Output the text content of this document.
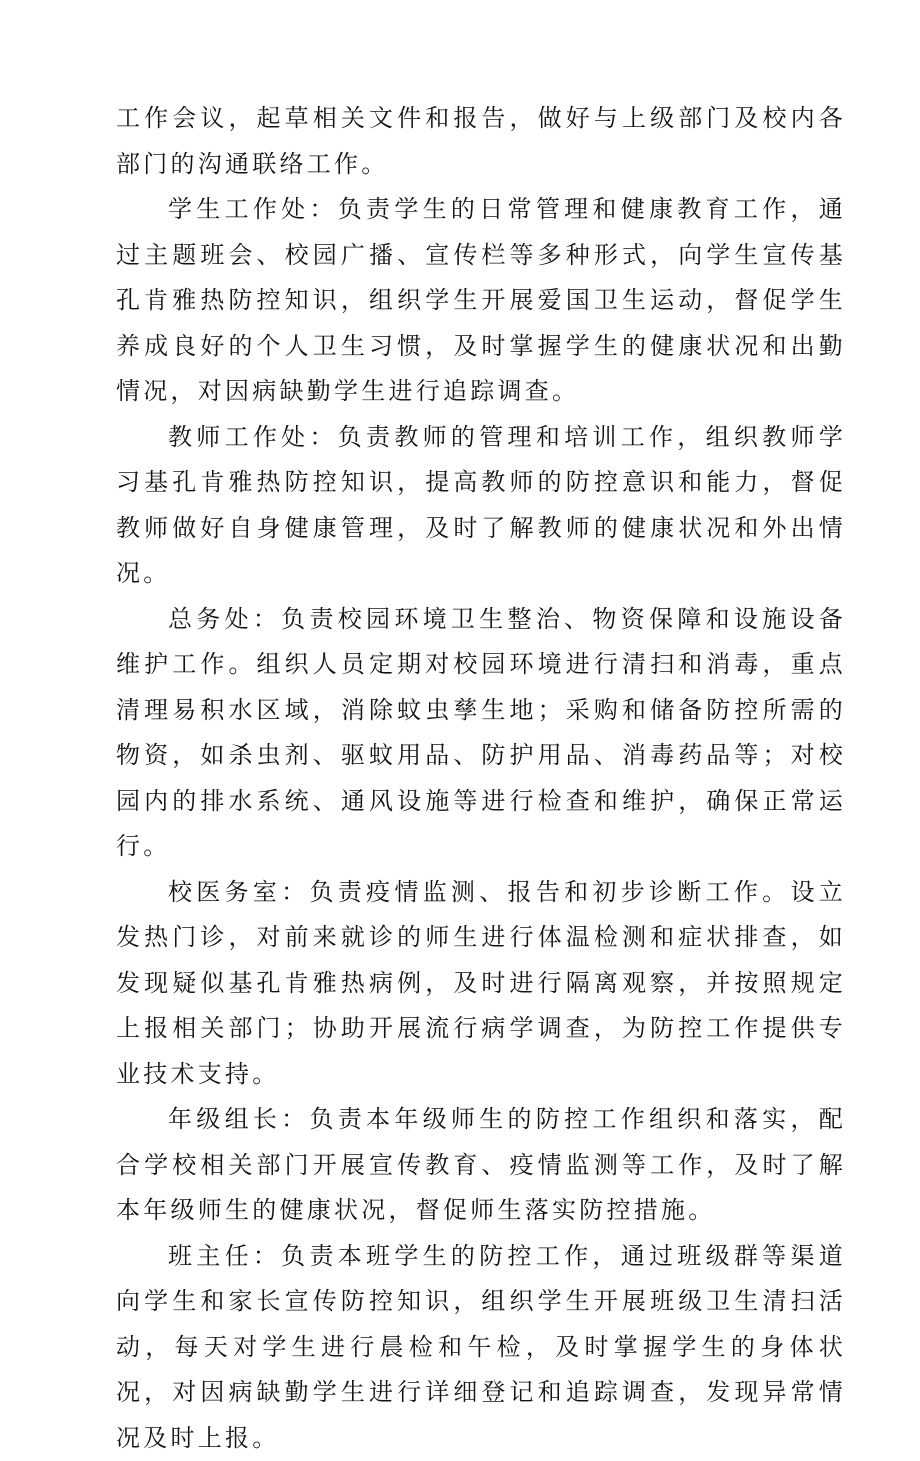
工作会议，起草相关文件和报告，做好与上级部门及校内各部门的沟通联络工作。

学生工作处：负责学生的日常管理和健康教育工作，通过主题班会、校园广播、宣传栏等多种形式，向学生宣传基孔肯雅热防控知识，组织学生开展爱国卫生运动，督促学生养成良好的个人卫生习惯，及时掌握学生的健康状况和出勤情况，对因病缺勤学生进行追踪调查。

教师工作处：负责教师的管理和培训工作，组织教师学习基孔肯雅热防控知识，提高教师的防控意识和能力，督促教师做好自身健康管理，及时了解教师的健康状况和外出情况。

总务处：负责校园环境卫生整治、物资保障和设施设备维护工作。组织人员定期对校园环境进行清扫和消毒，重点清理易积水区域，消除蚊虫孳生地；采购和储备防控所需的物资，如杀虫剂、驱蚊用品、防护用品、消毒药品等；对校园内的排水系统、通风设施等进行检查和维护，确保正常运行。

校医务室：负责疫情监测、报告和初步诊断工作。设立发热门诊，对前来就诊的师生进行体温检测和症状排查，如发现疑似基孔肯雅热病例，及时进行隔离观察，并按照规定上报相关部门；协助开展流行病学调查，为防控工作提供专业技术支持。

年级组长：负责本年级师生的防控工作组织和落实，配合学校相关部门开展宣传教育、疫情监测等工作，及时了解本年级师生的健康状况，督促师生落实防控措施。

班主任：负责本班学生的防控工作，通过班级群等渠道向学生和家长宣传防控知识，组织学生开展班级卫生清扫活动，每天对学生进行晨检和午检，及时掌握学生的身体状况，对因病缺勤学生进行详细登记和追踪调查，发现异常情况及时上报。
